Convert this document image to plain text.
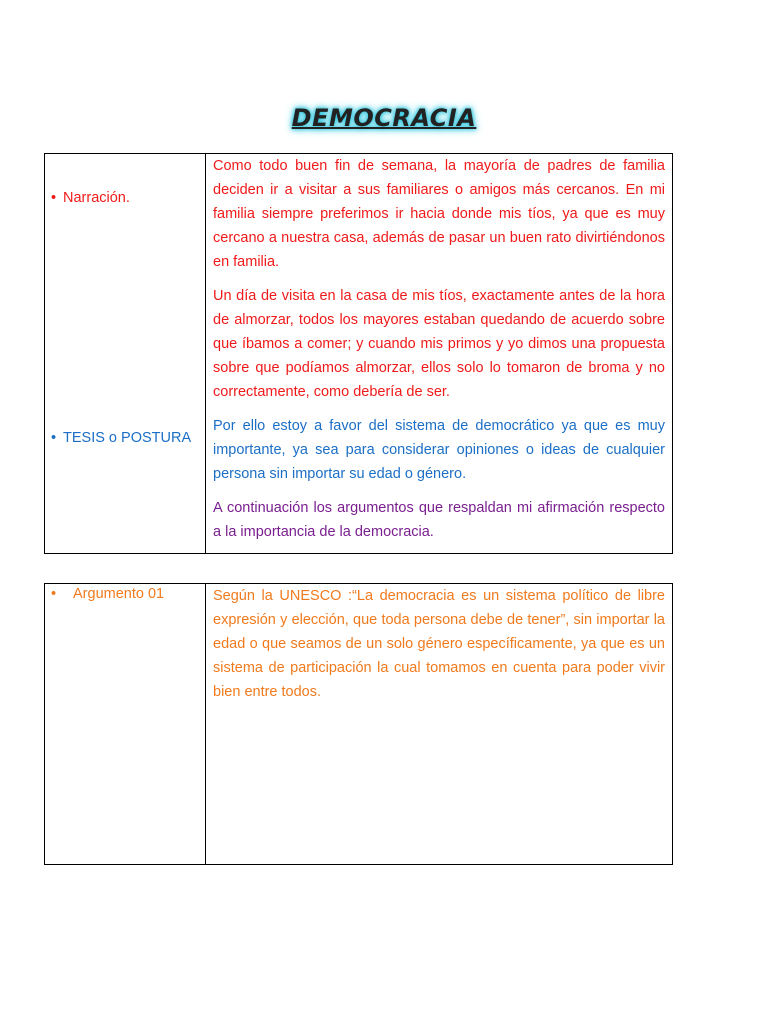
DEMOCRACIA
• Narración.
• TESIS o POSTURA

Como todo buen fin de semana, la mayoría de padres de familia deciden ir a visitar a sus familiares o amigos más cercanos. En mi familia siempre preferimos ir hacia donde mis tíos, ya que es muy cercano a nuestra casa, además de pasar un buen rato divirtiéndonos en familia.

Un día de visita en la casa de mis tíos, exactamente antes de la hora de almorzar, todos los mayores estaban quedando de acuerdo sobre que íbamos a comer; y cuando mis primos y yo dimos una propuesta sobre que podíamos almorzar, ellos solo lo tomaron de broma y no correctamente, como debería de ser.

Por ello estoy a favor del sistema de democrático ya que es muy importante, ya sea para considerar opiniones o ideas de cualquier persona sin importar su edad o género.

A continuación los argumentos que respaldan mi afirmación respecto a la importancia de la democracia.

• Argumento 01	Según la UNESCO :“La democracia es un sistema político de libre expresión y elección, que toda persona debe de tener”, sin importar la edad o que seamos de un solo género específicamente, ya que es un sistema de participación la cual tomamos en cuenta para poder vivir bien entre todos.
